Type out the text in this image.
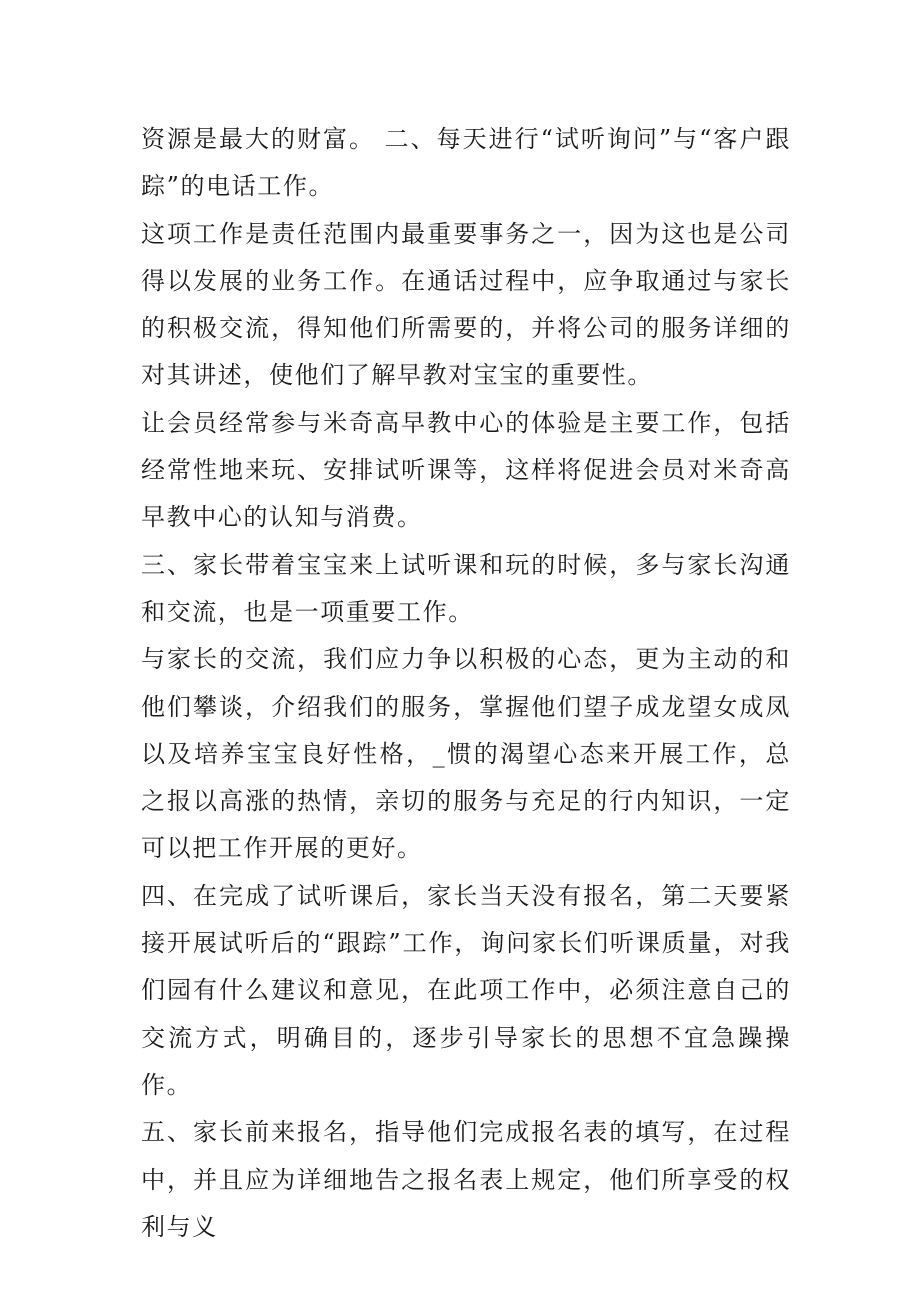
资源是最大的财富。 二、每天进行“试听询问”与“客户跟踪”的电话工作。

这项工作是责任范围内最重要事务之一，因为这也是公司得以发展的业务工作。在通话过程中，应争取通过与家长的积极交流，得知他们所需要的，并将公司的服务详细的对其讲述，使他们了解早教对宝宝的重要性。

让会员经常参与米奇高早教中心的体验是主要工作，包括经常性地来玩、安排试听课等，这样将促进会员对米奇高早教中心的认知与消费。

三、家长带着宝宝来上试听课和玩的时候，多与家长沟通和交流，也是一项重要工作。

与家长的交流，我们应力争以积极的心态，更为主动的和他们攀谈，介绍我们的服务，掌握他们望子成龙望女成凤以及培养宝宝良好性格，_惯的渴望心态来开展工作，总之报以高涨的热情，亲切的服务与充足的行内知识，一定可以把工作开展的更好。

四、在完成了试听课后，家长当天没有报名，第二天要紧接开展试听后的“跟踪”工作，询问家长们听课质量，对我们园有什么建议和意见，在此项工作中，必须注意自己的交流方式，明确目的，逐步引导家长的思想不宜急躁操作。

五、家长前来报名，指导他们完成报名表的填写，在过程中，并且应为详细地告之报名表上规定，他们所享受的权利与义
